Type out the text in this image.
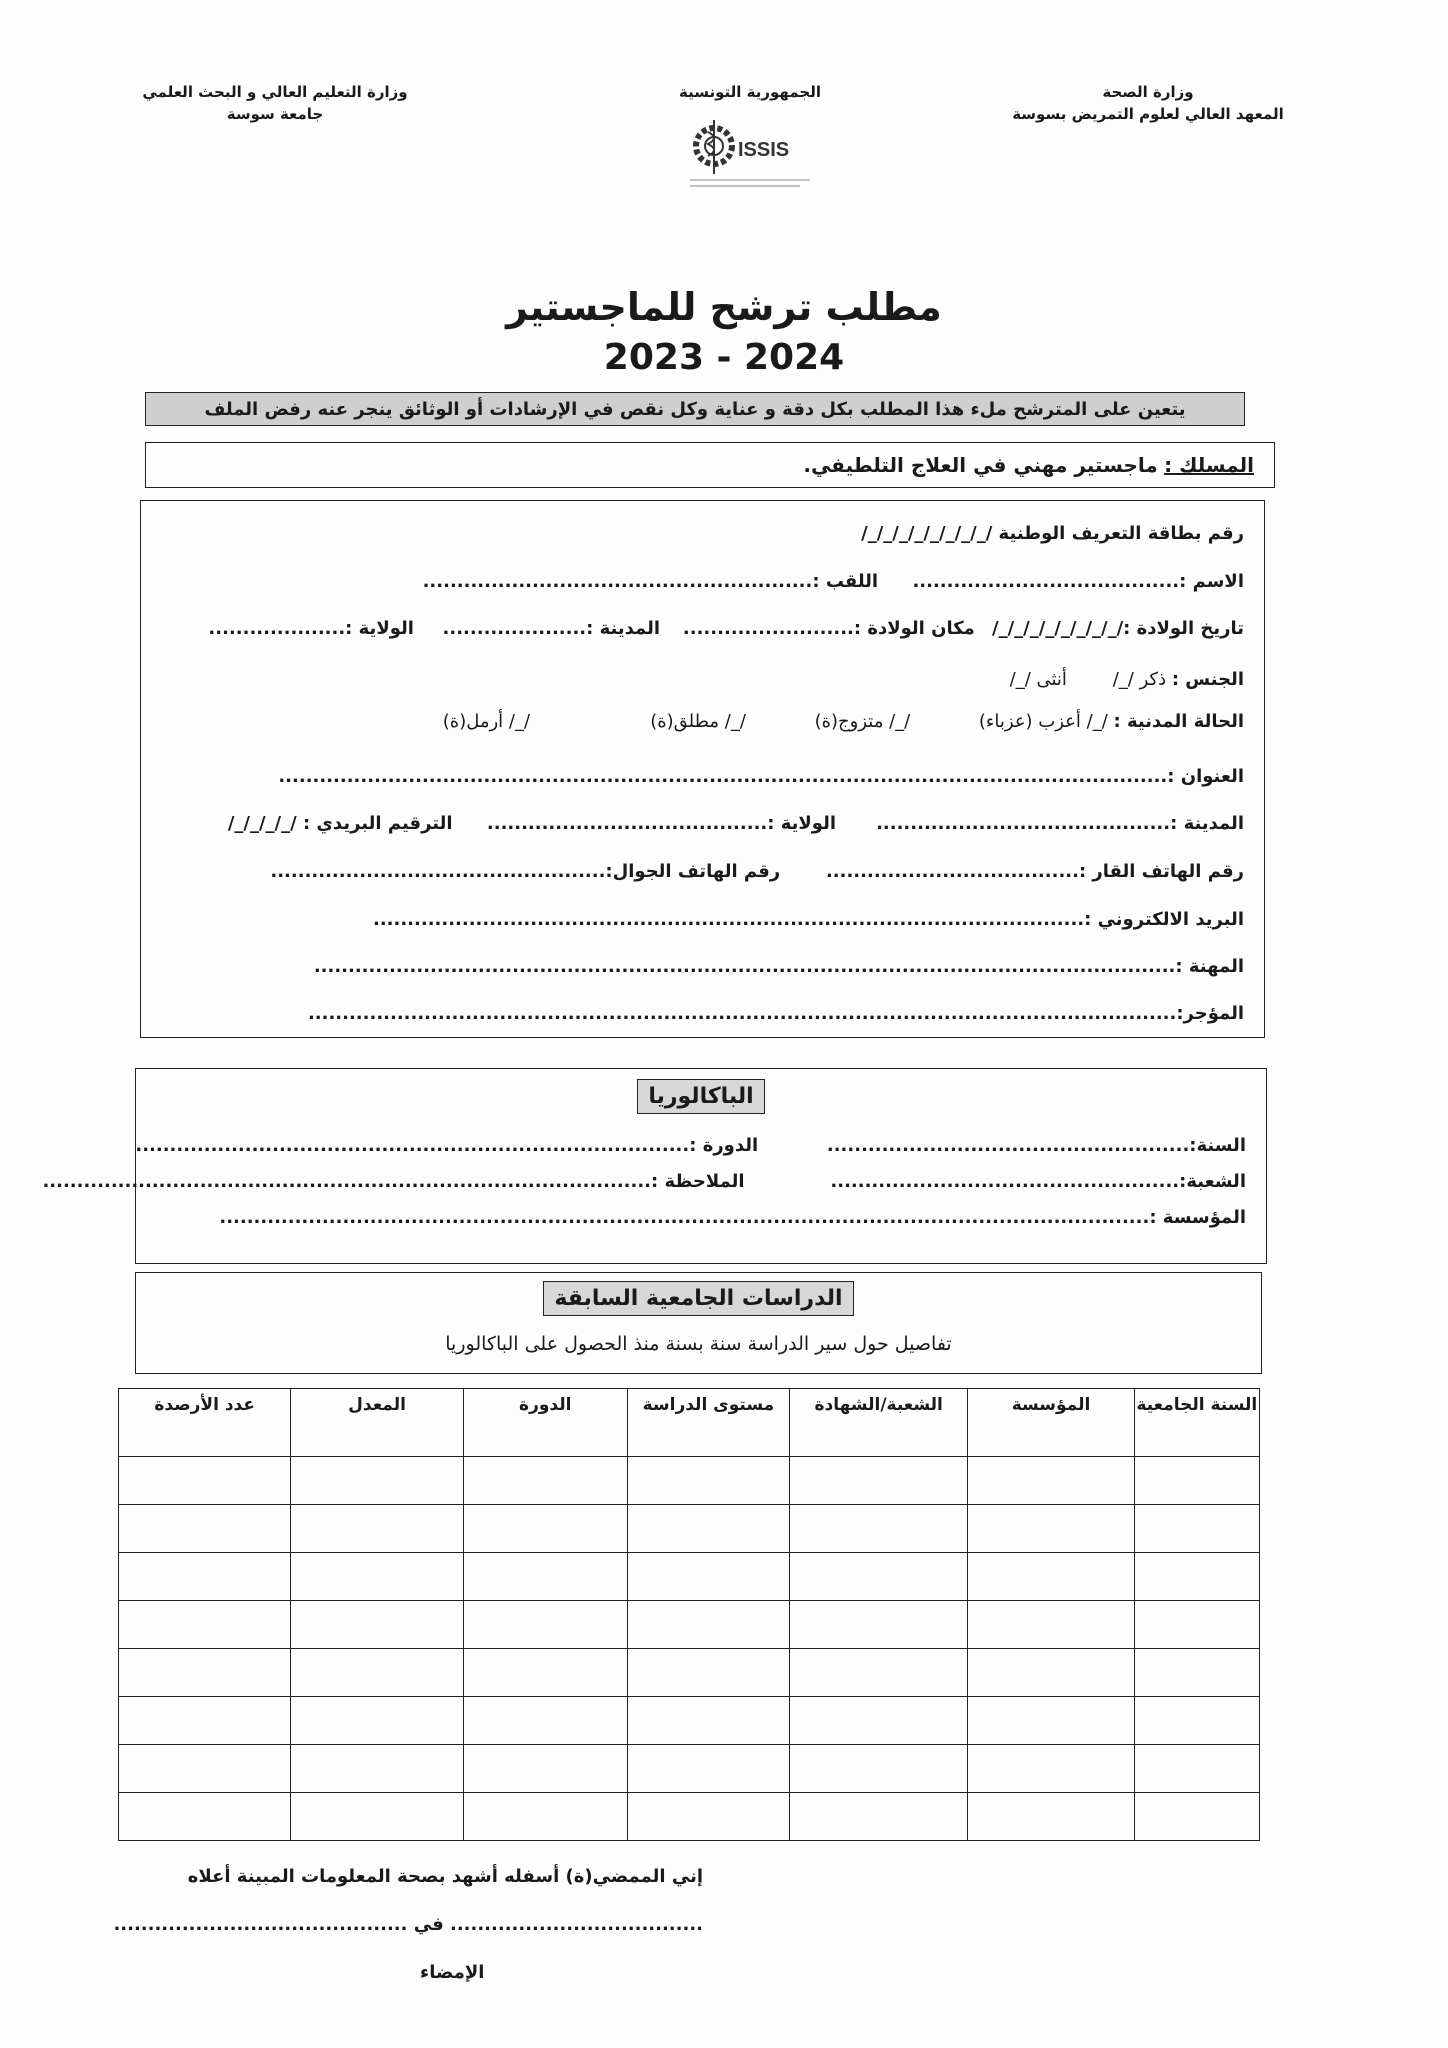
وزارة الصحة
المعهد العالي لعلوم التمريض بسوسة
الجمهورية التونسية
ISSIS
وزارة التعليم العالي و البحث العلمي
جامعة سوسة
مطلب ترشح للماجستير
2023 - 2024
يتعين على المترشح ملء هذا المطلب بكل دقة و عناية وكل نقص في الإرشادات أو الوثائق ينجر عنه رفض الملف
المسلك : ماجستير مهني في العلاج التلطيفي.
رقم بطاقة التعريف الوطنية /_/_/_/_/_/_/_/_/
الاسم :.......................................      اللقب :.........................................................
تاريخ الولادة :/_/_/_/_/_/_/_/_/   مكان الولادة :.........................    المدينة :.....................     الولاية :....................
الجنس : ذكر /_/        أنثى /_/
الحالة المدنية : /_/ أعزب (عزباء)            /_/ متزوج(ة)            /_/ مطلق(ة)                     /_/ أرمل(ة)
العنوان :..................................................................................................................................
المدينة :...........................................       الولاية :.........................................      الترقيم البريدي : /_/_/_/_/
رقم الهاتف القار :.....................................        رقم الهاتف الجوال:.................................................
البريد الالكتروني :........................................................................................................
المهنة :..............................................................................................................................
المؤجر:...............................................................................................................................
الباكالوريا
السنة:.....................................................            الدورة :.................................................................................
الشعبة:...................................................               الملاحظة :.........................................................................................
المؤسسة :........................................................................................................................................
الدراسات الجامعية السابقة
تفاصيل حول سير الدراسة سنة بسنة منذ الحصول على الباكالوريا
السنة الجامعية	المؤسسة	الشعبة/الشهادة	مستوى الدراسة	الدورة	المعدل	عدد الأرصدة

إني الممضي(ة) أسفله أشهد بصحة المعلومات المبينة أعلاه
..................................... في ...........................................
الإمضاء
